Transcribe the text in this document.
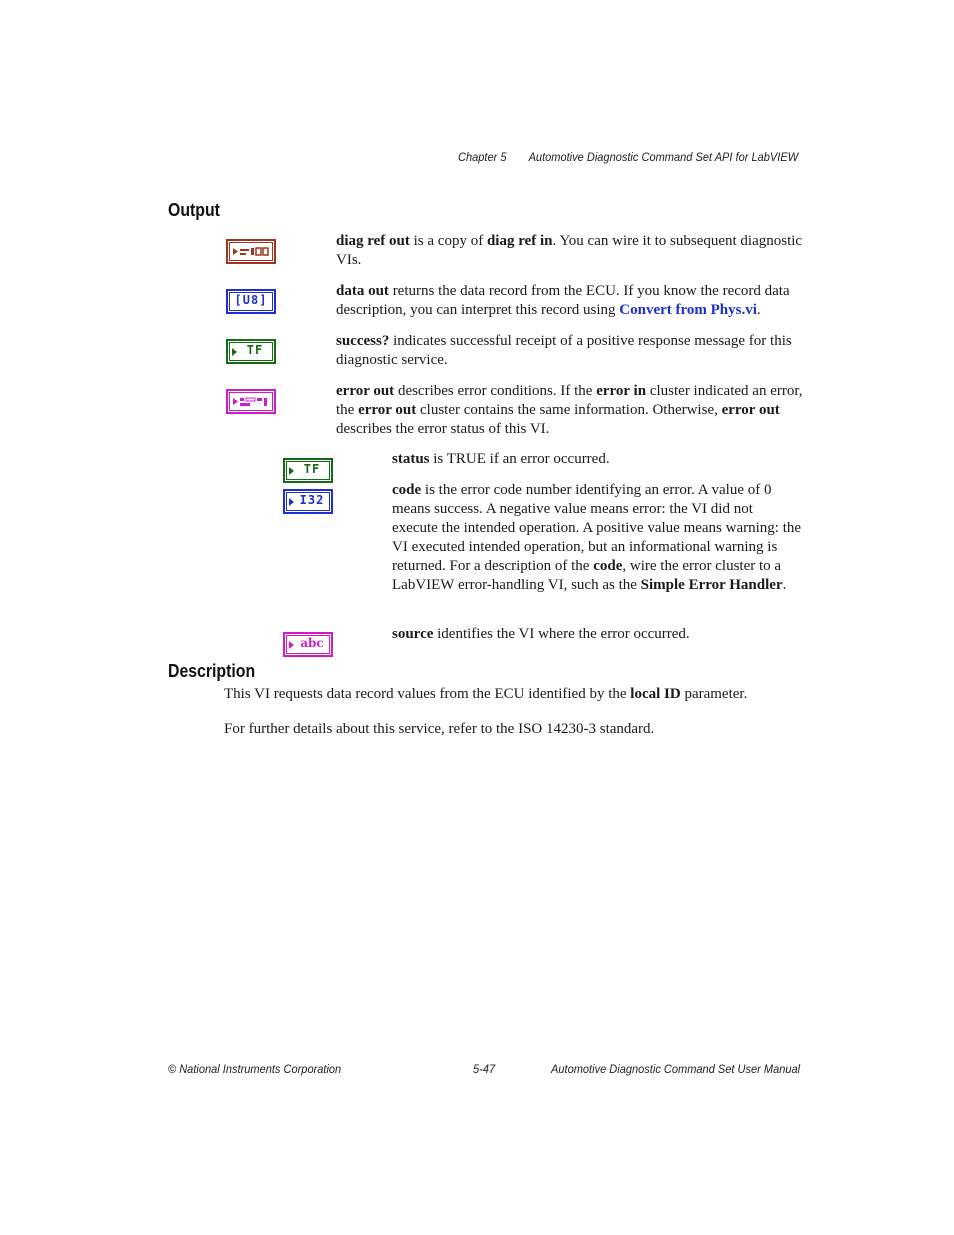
Chapter 5 Automotive Diagnostic Command Set API for LabVIEW
Output
diag ref out is a copy of diag ref in. You can wire it to subsequent diagnostic VIs.
[U8]
data out returns the data record from the ECU. If you know the record data description, you can interpret this record using Convert from Phys.vi.
TF
success? indicates successful receipt of a positive response message for this diagnostic service.
error out describes error conditions. If the error in cluster indicated an error, the error out cluster contains the same information. Otherwise, error out describes the error status of this VI.
TF
status is TRUE if an error occurred.
I32
code is the error code number identifying an error. A value of 0 means success. A negative value means error: the VI did not execute the intended operation. A positive value means warning: the VI executed intended operation, but an informational warning is returned. For a description of the code, wire the error cluster to a LabVIEW error-handling VI, such as the Simple Error Handler.
abc
source identifies the VI where the error occurred.
Description
This VI requests data record values from the ECU identified by the local ID parameter.
For further details about this service, refer to the ISO 14230-3 standard.
© National Instruments Corporation	5-47	Automotive Diagnostic Command Set User Manual
